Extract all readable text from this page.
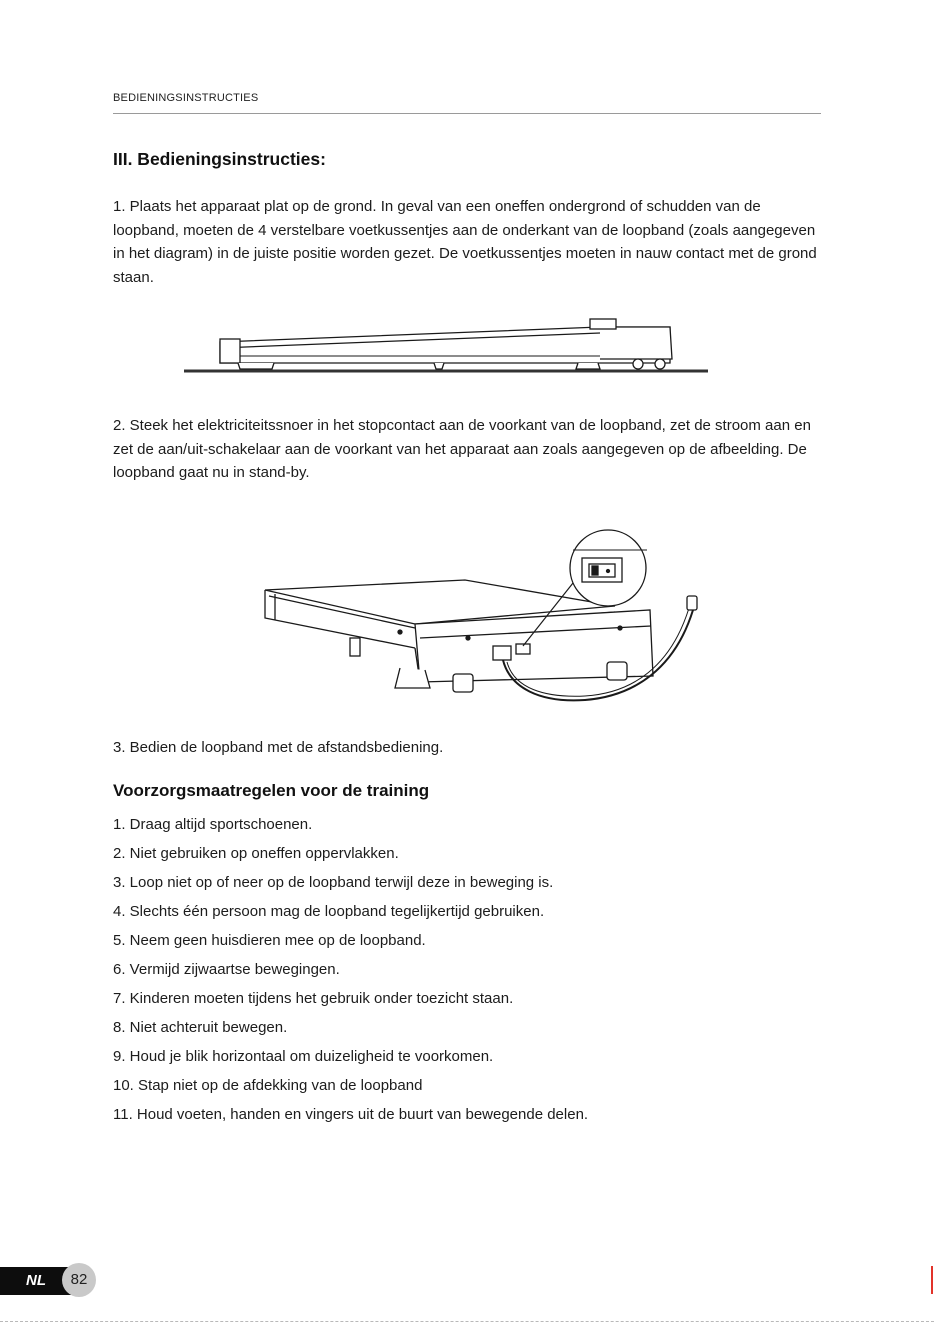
BEDIENINGSINSTRUCTIES
III. Bedieningsinstructies:
1. Plaats het apparaat plat op de grond. In geval van een oneffen ondergrond of schudden van de loopband, moeten de 4 verstelbare voetkussentjes aan de onderkant van de loopband (zoals aangegeven in het diagram) in de juiste positie worden gezet. De voetkussentjes moeten in nauw contact met de grond staan.
2. Steek het elektriciteitssnoer in het stopcontact aan de voorkant van de loopband, zet de stroom aan en zet de aan/uit-schakelaar aan de voorkant van het apparaat aan zoals aangegeven op de afbeelding. De loopband gaat nu in stand-by.
3. Bedien de loopband met de afstandsbediening.
Voorzorgsmaatregelen voor de training
1. Draag altijd sportschoenen.
2. Niet gebruiken op oneffen oppervlakken.
3. Loop niet op of neer op de loopband terwijl deze in beweging is.
4. Slechts één persoon mag de loopband tegelijkertijd gebruiken.
5. Neem geen huisdieren mee op de loopband.
6. Vermijd zijwaartse bewegingen.
7. Kinderen moeten tijdens het gebruik onder toezicht staan.
8. Niet achteruit bewegen.
9. Houd je blik horizontaal om duizeligheid te voorkomen.
10. Stap niet op de afdekking van de loopband
11. Houd voeten, handen en vingers uit de buurt van bewegende delen.
NL	82
